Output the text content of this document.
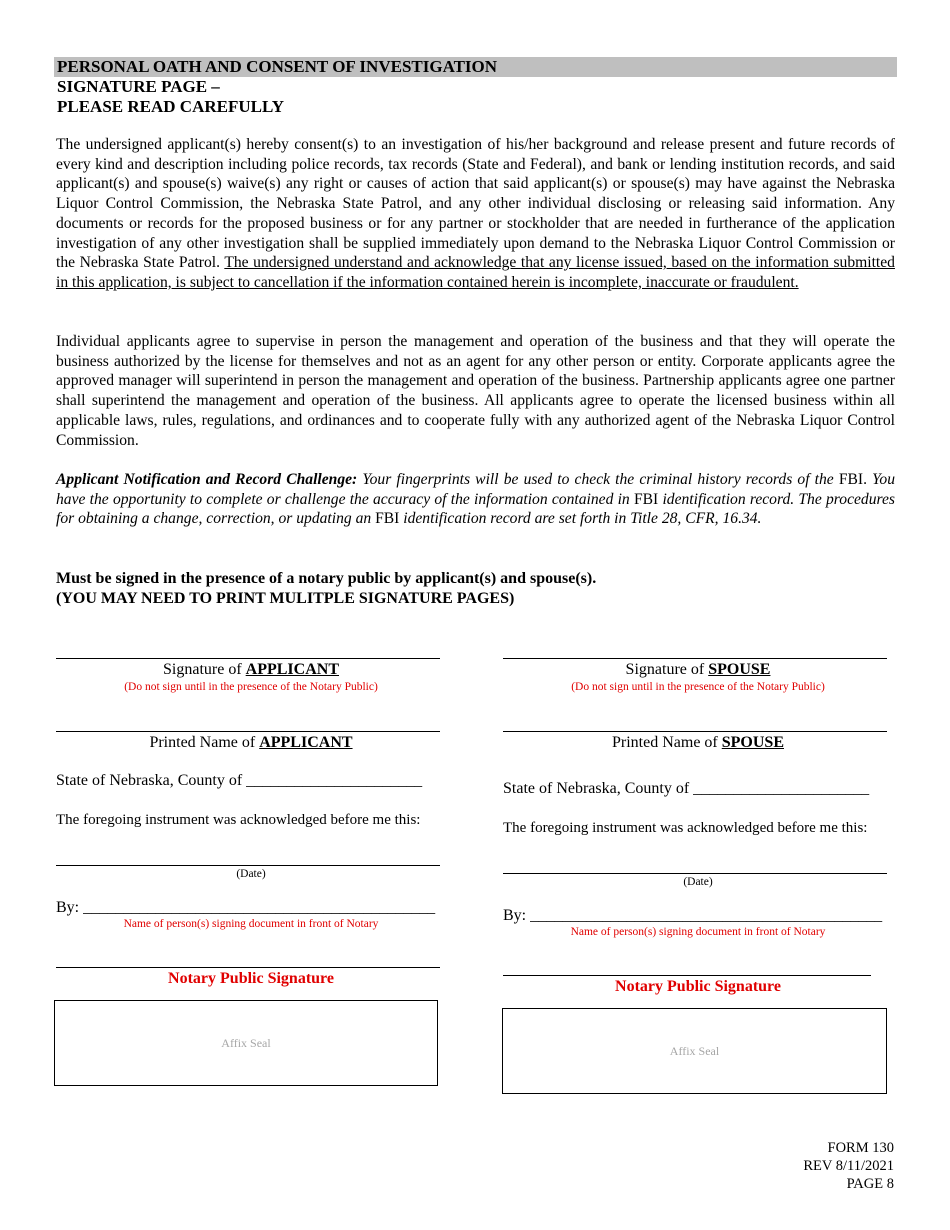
PERSONAL OATH AND CONSENT OF INVESTIGATION
SIGNATURE PAGE –
PLEASE READ CAREFULLY
The undersigned applicant(s) hereby consent(s) to an investigation of his/her background and release present and future records of every kind and description including police records, tax records (State and Federal), and bank or lending institution records, and said applicant(s) and spouse(s) waive(s) any right or causes of action that said applicant(s) or spouse(s) may have against the Nebraska Liquor Control Commission, the Nebraska State Patrol, and any other individual disclosing or releasing said information. Any documents or records for the proposed business or for any partner or stockholder that are needed in furtherance of the application investigation of any other investigation shall be supplied immediately upon demand to the Nebraska Liquor Control Commission or the Nebraska State Patrol. The undersigned understand and acknowledge that any license issued, based on the information submitted in this application, is subject to cancellation if the information contained herein is incomplete, inaccurate or fraudulent.
Individual applicants agree to supervise in person the management and operation of the business and that they will operate the business authorized by the license for themselves and not as an agent for any other person or entity. Corporate applicants agree the approved manager will superintend in person the management and operation of the business. Partnership applicants agree one partner shall superintend the management and operation of the business. All applicants agree to operate the licensed business within all applicable laws, rules, regulations, and ordinances and to cooperate fully with any authorized agent of the Nebraska Liquor Control Commission.
Applicant Notification and Record Challenge: Your fingerprints will be used to check the criminal history records of the FBI. You have the opportunity to complete or challenge the accuracy of the information contained in FBI identification record. The procedures for obtaining a change, correction, or updating an FBI identification record are set forth in Title 28, CFR, 16.34.
Must be signed in the presence of a notary public by applicant(s) and spouse(s).
(YOU MAY NEED TO PRINT MULITPLE SIGNATURE PAGES)
Signature of APPLICANT
(Do not sign until in the presence of the Notary Public)
Printed Name of APPLICANT
State of Nebraska, County of ______________________
The foregoing instrument was acknowledged before me this:
(Date)
By: ____________________________________________
Name of person(s) signing document in front of Notary
Notary Public Signature
Affix Seal
Signature of SPOUSE
(Do not sign until in the presence of the Notary Public)
Printed Name of SPOUSE
State of Nebraska, County of ______________________
The foregoing instrument was acknowledged before me this:
(Date)
By: ____________________________________________
Name of person(s) signing document in front of Notary
Notary Public Signature
Affix Seal
FORM 130
REV 8/11/2021
PAGE 8
